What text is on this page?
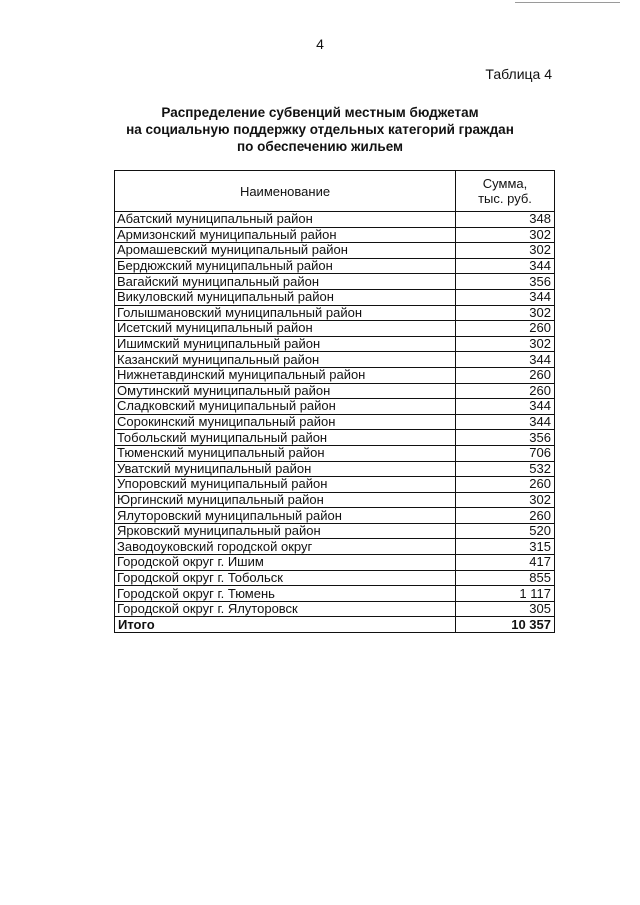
4
Таблица 4
Распределение субвенций местным бюджетам
на социальную поддержку отдельных категорий граждан
по обеспечению жильем
Наименование	Сумма,
тыс. руб.

Абатский муниципальный район	348
Армизонский муниципальный район	302
Аромашевский муниципальный район	302
Бердюжский муниципальный район	344
Вагайский муниципальный район	356
Викуловский муниципальный район	344
Голышмановский муниципальный район	302
Исетский муниципальный район	260
Ишимский муниципальный район	302
Казанский муниципальный район	344
Нижнетавдинский муниципальный район	260
Омутинский муниципальный район	260
Сладковский муниципальный район	344
Сорокинский муниципальный район	344
Тобольский муниципальный район	356
Тюменский муниципальный район	706
Уватский муниципальный район	532
Упоровский муниципальный район	260
Юргинский муниципальный район	302
Ялуторовский муниципальный район	260
Ярковский муниципальный район	520
Заводоуковский городской округ	315
Городской округ г. Ишим	417
Городской округ г. Тобольск	855
Городской округ г. Тюмень	1 117
Городской округ г. Ялуторовск	305
Итого	10 357
